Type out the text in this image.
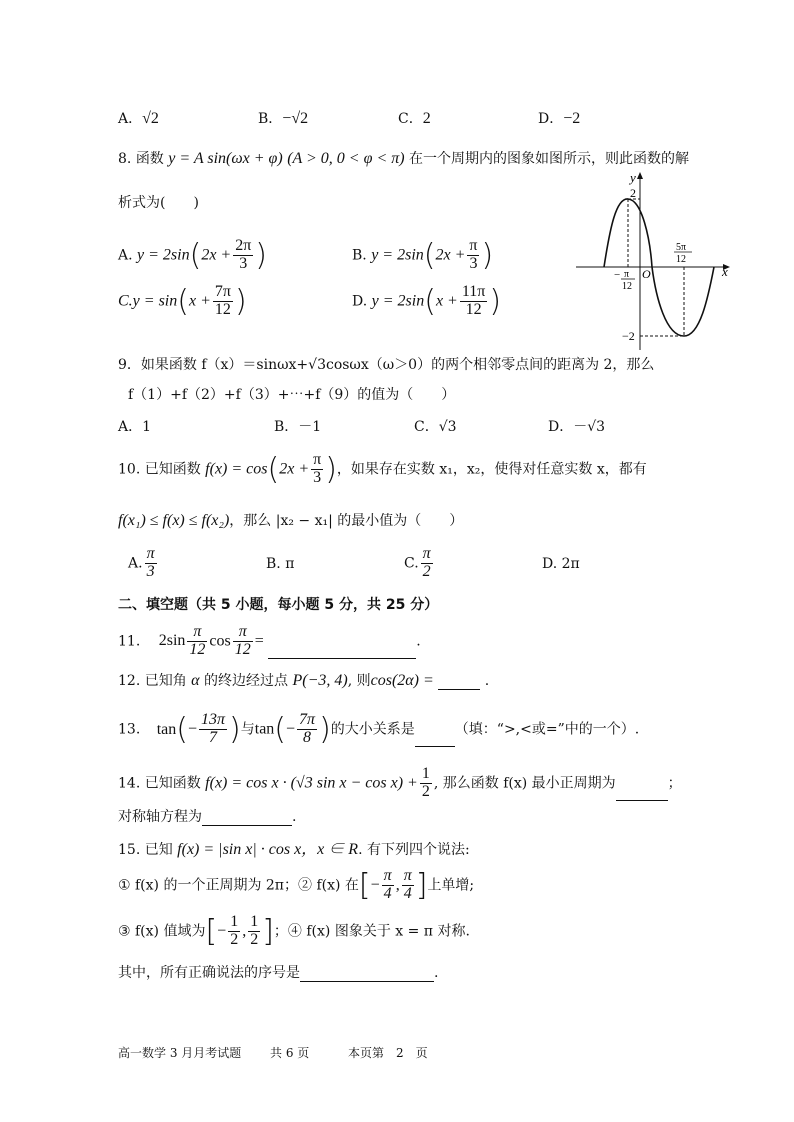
A．√2	B．−√2	C．2	D．−2
8. 函数 y = A sin(ωx + φ) (A > 0, 0 < φ < π) 在一个周期内的图象如图所示，则此函数的解
析式为(　　)
A. $y = 2\sin(2x + \frac{2\pi}{3}$ )	B. $y = 2\sin(2x + \frac{\pi}{3}$ )
$C.y = \sin(x + \frac{7\pi}{12}$ )	D. $y = 2\sin(x + \frac{11\pi}{12}$ )
y
x
2
−2
O
− π
12
5π
12
9．如果函数 f（x）＝sinωx+√3cosωx（ω＞0）的两个相邻零点间的距离为 2，那么
f（1）+f（2）+f（3）+⋯+f（9）的值为（　　）
A．1	B．－1	C．√3	D．－√3
10. 已知函数 $f(x) = \cos(2x + \frac{\pi}{3}$ )，如果存在实数 x₁，x₂，使得对任意实数 x，都有
f(x₁) ≤ f(x) ≤ f(x₂)，那么 |x₂ − x₁| 的最小值为（　　）
A. $\frac{\pi}{3}$	B. π	C. $\frac{\pi}{2}$	D. 2π
二、填空题（共 5 小题，每小题 5 分，共 25 分）
11. $2\sin \frac{\pi}{12}$ $\cos \frac{\pi}{12}$ =	.
12. 已知角 α 的终边经过点 P(−3, 4), 则cos(2α) =	.
13. $\tan(- \frac{13\pi}{7}$ )与$\tan(- \frac{7\pi}{8}$ )的大小关系是	（填：“>,<或=”中的一个）.
14. 已知函数 f(x) = cos x · (√3 $\sin x - \cos x) + \frac{1}{2}$ , 那么函数 f(x) 最小正周期为	；
对称轴方程为	.
15. 已知 f(x) = |sin x| · cos x，x ∈ R. 有下列四个说法:
① f(x) 的一个正周期为 2π；② f(x) 在[− $\frac{\pi}{4}$ , $\frac{\pi}{4}$ ]上单增;
③ f(x) 值域为[− $\frac{1}{2}$ , $\frac{1}{2}$ ]；④ f(x) 图象关于 x = π 对称.
其中，所有正确说法的序号是	.
高一数学 3 月月考试题 共 6 页	本页第　2　页
